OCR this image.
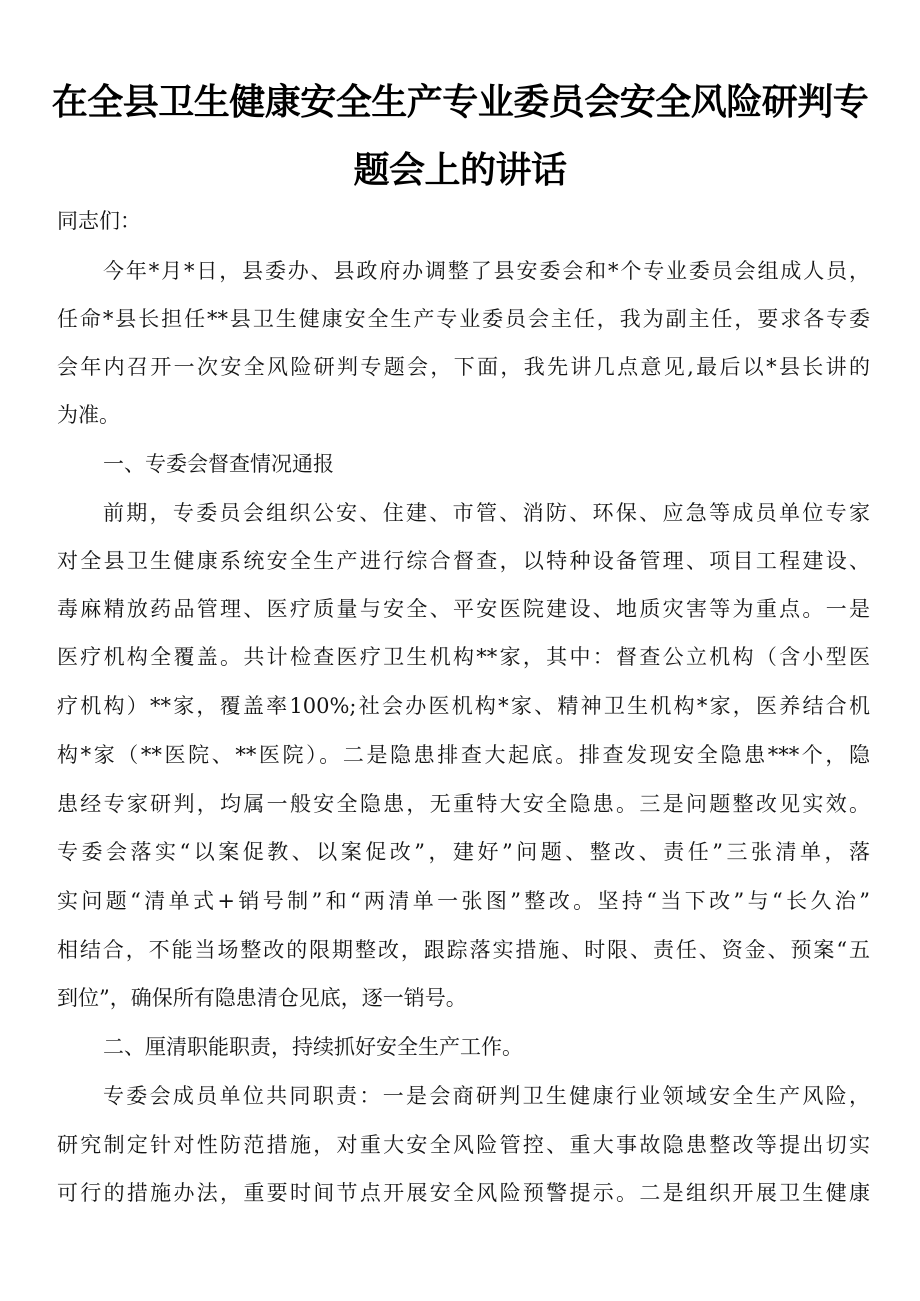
在全县卫生健康安全生产专业委员会安全风险研判专
题会上的讲话
同志们：
今年*月*日，县委办、县政府办调整了县安委会和*个专业委员会组成人员，
任命*县长担任**县卫生健康安全生产专业委员会主任，我为副主任，要求各专委
会年内召开一次安全风险研判专题会，下面，我先讲几点意见,最后以*县长讲的
为准。
一、专委会督查情况通报
前期，专委员会组织公安、住建、市管、消防、环保、应急等成员单位专家
对全县卫生健康系统安全生产进行综合督查，以特种设备管理、项目工程建设、
毒麻精放药品管理、医疗质量与安全、平安医院建设、地质灾害等为重点。一是
医疗机构全覆盖。共计检查医疗卫生机构**家，其中：督查公立机构（含小型医
疗机构）**家，覆盖率100%;社会办医机构*家、精神卫生机构*家，医养结合机
构*家（**医院、**医院）。二是隐患排查大起底。排查发现安全隐患***个，隐
患经专家研判，均属一般安全隐患，无重特大安全隐患。三是问题整改见实效。
专委会落实“以案促教、以案促改”，建好”问题、整改、责任”三张清单，落
实问题“清单式+销号制”和“两清单一张图”整改。坚持“当下改”与“长久治”
相结合，不能当场整改的限期整改，跟踪落实措施、时限、责任、资金、预案“五
到位”，确保所有隐患清仓见底，逐一销号。
二、厘清职能职责，持续抓好安全生产工作。
专委会成员单位共同职责：一是会商研判卫生健康行业领域安全生产风险，
研究制定针对性防范措施，对重大安全风险管控、重大事故隐患整改等提出切实
可行的措施办法，重要时间节点开展安全风险预警提示。二是组织开展卫生健康
